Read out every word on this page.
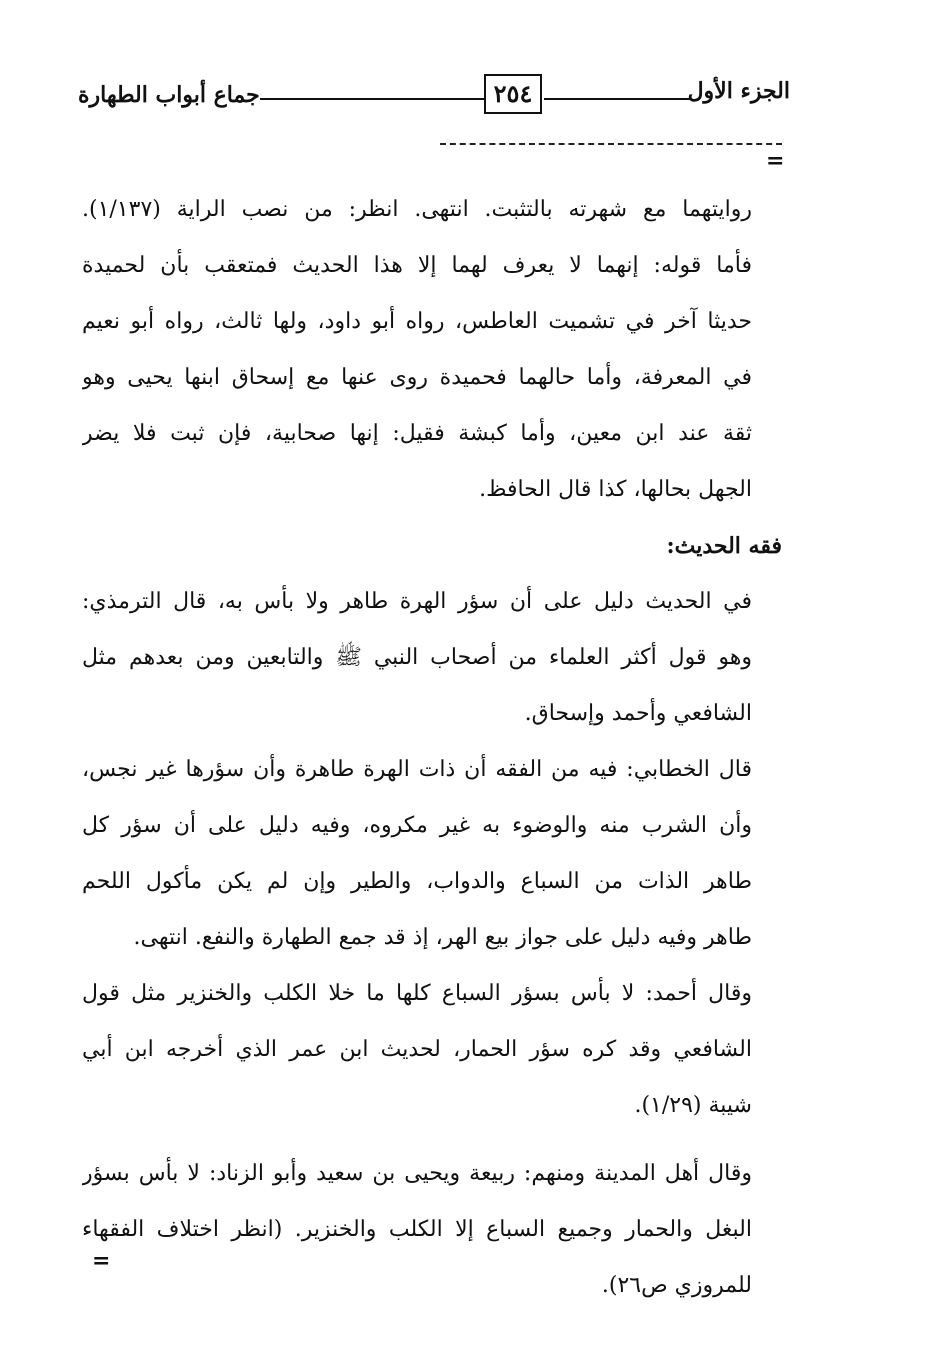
الجزء الأول
٢٥٤
جماع أبواب الطهارة
=
روايتهما مع شهرته بالتثبت. انتهى. انظر: من نصب الراية (١/١٣٧).
فأما قوله: إنهما لا يعرف لهما إلا هذا الحديث فمتعقب بأن لحميدة
حديثا آخر في تشميت العاطس، رواه أبو داود، ولها ثالث، رواه أبو نعيم
في المعرفة، وأما حالهما فحميدة روى عنها مع إسحاق ابنها يحيى وهو
ثقة عند ابن معين، وأما كبشة فقيل: إنها صحابية، فإن ثبت فلا يضر
الجهل بحالها، كذا قال الحافظ.
فقه الحديث:
في الحديث دليل على أن سؤر الهرة طاهر ولا بأس به، قال الترمذي:
وهو قول أكثر العلماء من أصحاب النبي ﷺ والتابعين ومن بعدهم مثل
الشافعي وأحمد وإسحاق.
قال الخطابي: فيه من الفقه أن ذات الهرة طاهرة وأن سؤرها غير نجس،
وأن الشرب منه والوضوء به غير مكروه، وفيه دليل على أن سؤر كل
طاهر الذات من السباع والدواب، والطير وإن لم يكن مأكول اللحم
طاهر وفيه دليل على جواز بيع الهر، إذ قد جمع الطهارة والنفع. انتهى.
وقال أحمد: لا بأس بسؤر السباع كلها ما خلا الكلب والخنزير مثل قول
الشافعي وقد كره سؤر الحمار، لحديث ابن عمر الذي أخرجه ابن أبي
شيبة (١/٢٩).
وقال أهل المدينة ومنهم: ربيعة ويحيى بن سعيد وأبو الزناد: لا بأس بسؤر
البغل والحمار وجميع السباع إلا الكلب والخنزير. (انظر اختلاف الفقهاء
للمروزي ص٢٦).
=
